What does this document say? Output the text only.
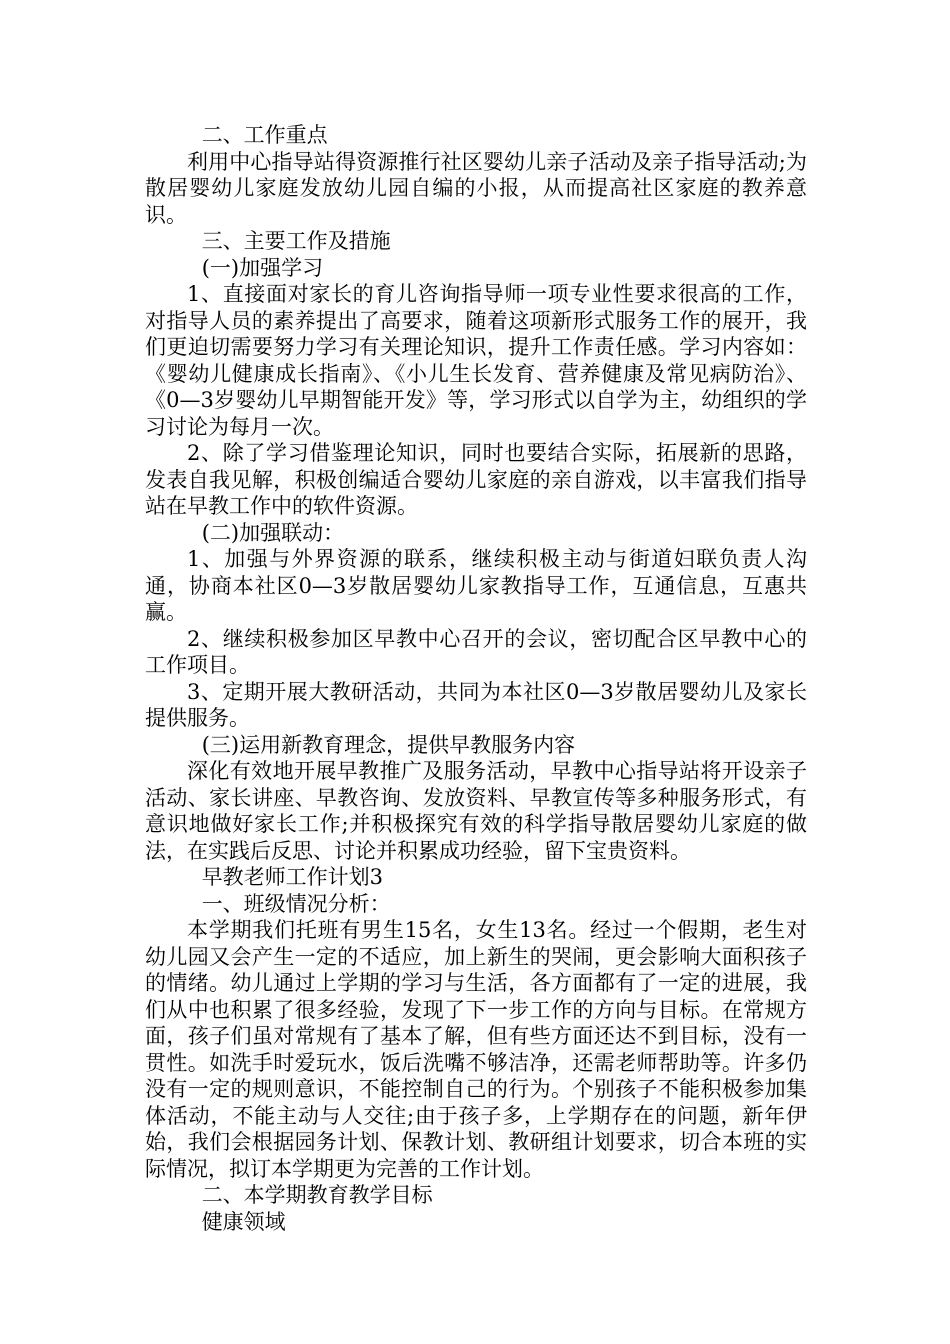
二、工作重点

利用中心指导站得资源推行社区婴幼儿亲子活动及亲子指导活动;为散居婴幼儿家庭发放幼儿园自编的小报，从而提高社区家庭的教养意识。

三、主要工作及措施

(一)加强学习

1、直接面对家长的育儿咨询指导师一项专业性要求很高的工作，对指导人员的素养提出了高要求，随着这项新形式服务工作的展开，我们更迫切需要努力学习有关理论知识，提升工作责任感。学习内容如：《婴幼儿健康成长指南》、《小儿生长发育、营养健康及常见病防治》、《0—3岁婴幼儿早期智能开发》等，学习形式以自学为主，幼组织的学习讨论为每月一次。

2、除了学习借鉴理论知识，同时也要结合实际，拓展新的思路，发表自我见解，积极创编适合婴幼儿家庭的亲自游戏，以丰富我们指导站在早教工作中的软件资源。

(二)加强联动：

1、加强与外界资源的联系，继续积极主动与街道妇联负责人沟通，协商本社区0—3岁散居婴幼儿家教指导工作，互通信息，互惠共赢。

2、继续积极参加区早教中心召开的会议，密切配合区早教中心的工作项目。

3、定期开展大教研活动，共同为本社区0—3岁散居婴幼儿及家长提供服务。

(三)运用新教育理念，提供早教服务内容

深化有效地开展早教推广及服务活动，早教中心指导站将开设亲子活动、家长讲座、早教咨询、发放资料、早教宣传等多种服务形式，有意识地做好家长工作;并积极探究有效的科学指导散居婴幼儿家庭的做法，在实践后反思、讨论并积累成功经验，留下宝贵资料。

早教老师工作计划3

一、班级情况分析：

本学期我们托班有男生15名，女生13名。经过一个假期，老生对幼儿园又会产生一定的不适应，加上新生的哭闹，更会影响大面积孩子的情绪。幼儿通过上学期的学习与生活，各方面都有了一定的进展，我们从中也积累了很多经验，发现了下一步工作的方向与目标。在常规方面，孩子们虽对常规有了基本了解，但有些方面还达不到目标，没有一贯性。如洗手时爱玩水，饭后洗嘴不够洁净，还需老师帮助等。许多仍没有一定的规则意识，不能控制自己的行为。个别孩子不能积极参加集体活动，不能主动与人交往;由于孩子多，上学期存在的问题，新年伊始，我们会根据园务计划、保教计划、教研组计划要求，切合本班的实际情况，拟订本学期更为完善的工作计划。

二、本学期教育教学目标

健康领域
